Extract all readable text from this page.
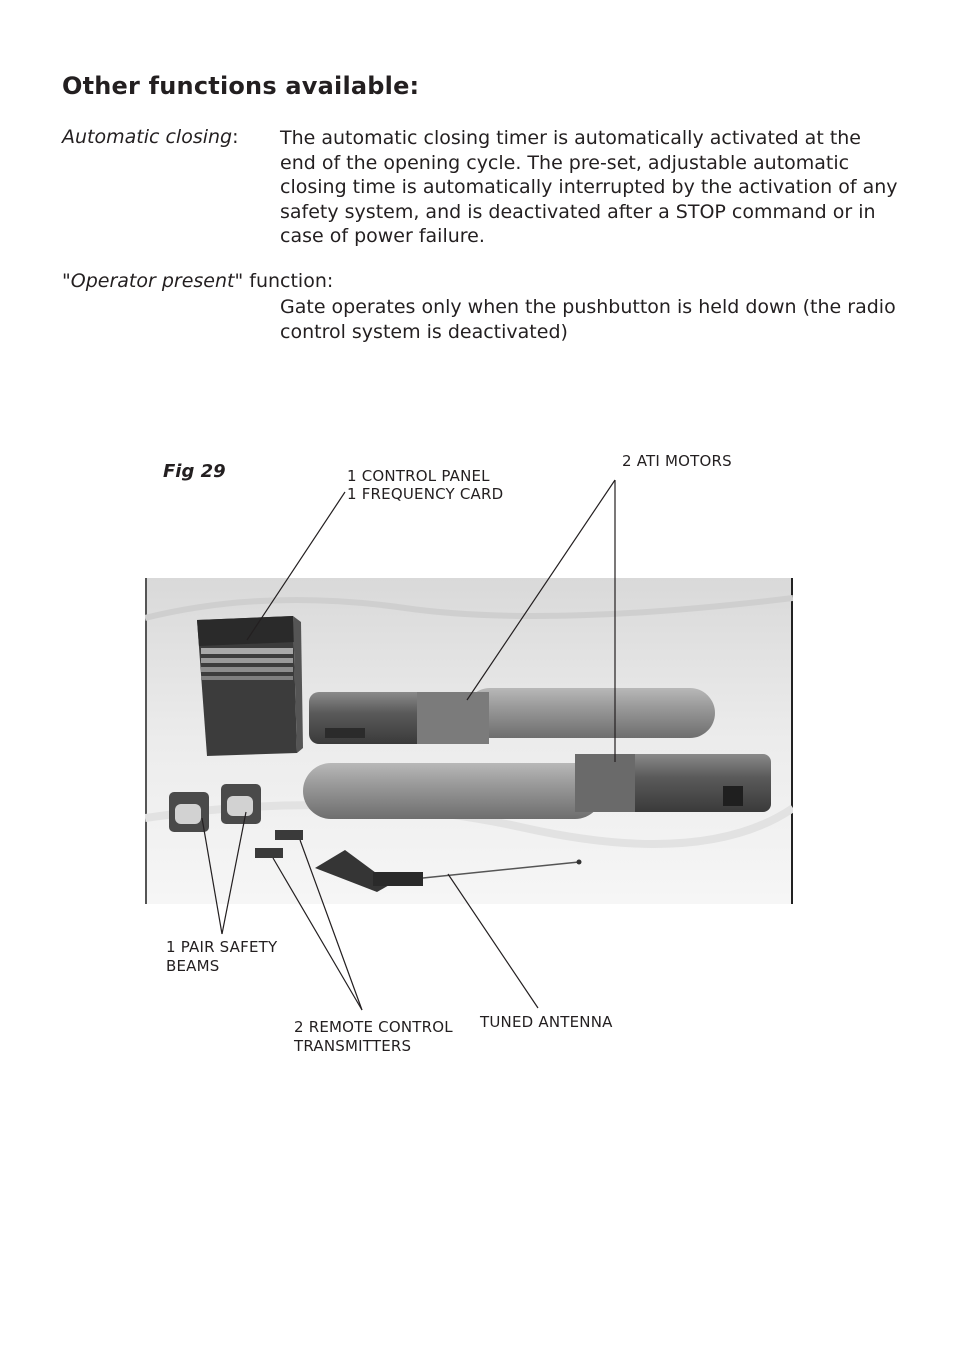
Other functions available:
Automatic closing: The automatic closing timer is automatically activated at the end of the opening cycle. The pre-set, adjustable automatic closing time is automatically interrupted by the activation of any safety system, and is deactivated after a STOP command or in case of power failure.
"Operator present" function:
Gate operates only when the pushbutton is held down (the radio control system is deactivated)
Fig 29	1 CONTROL PANEL
1 FREQUENCY CARD
2 ATI MOTORS
1 PAIR SAFETY
BEAMS
2 REMOTE CONTROL
TRANSMITTERS
TUNED ANTENNA
